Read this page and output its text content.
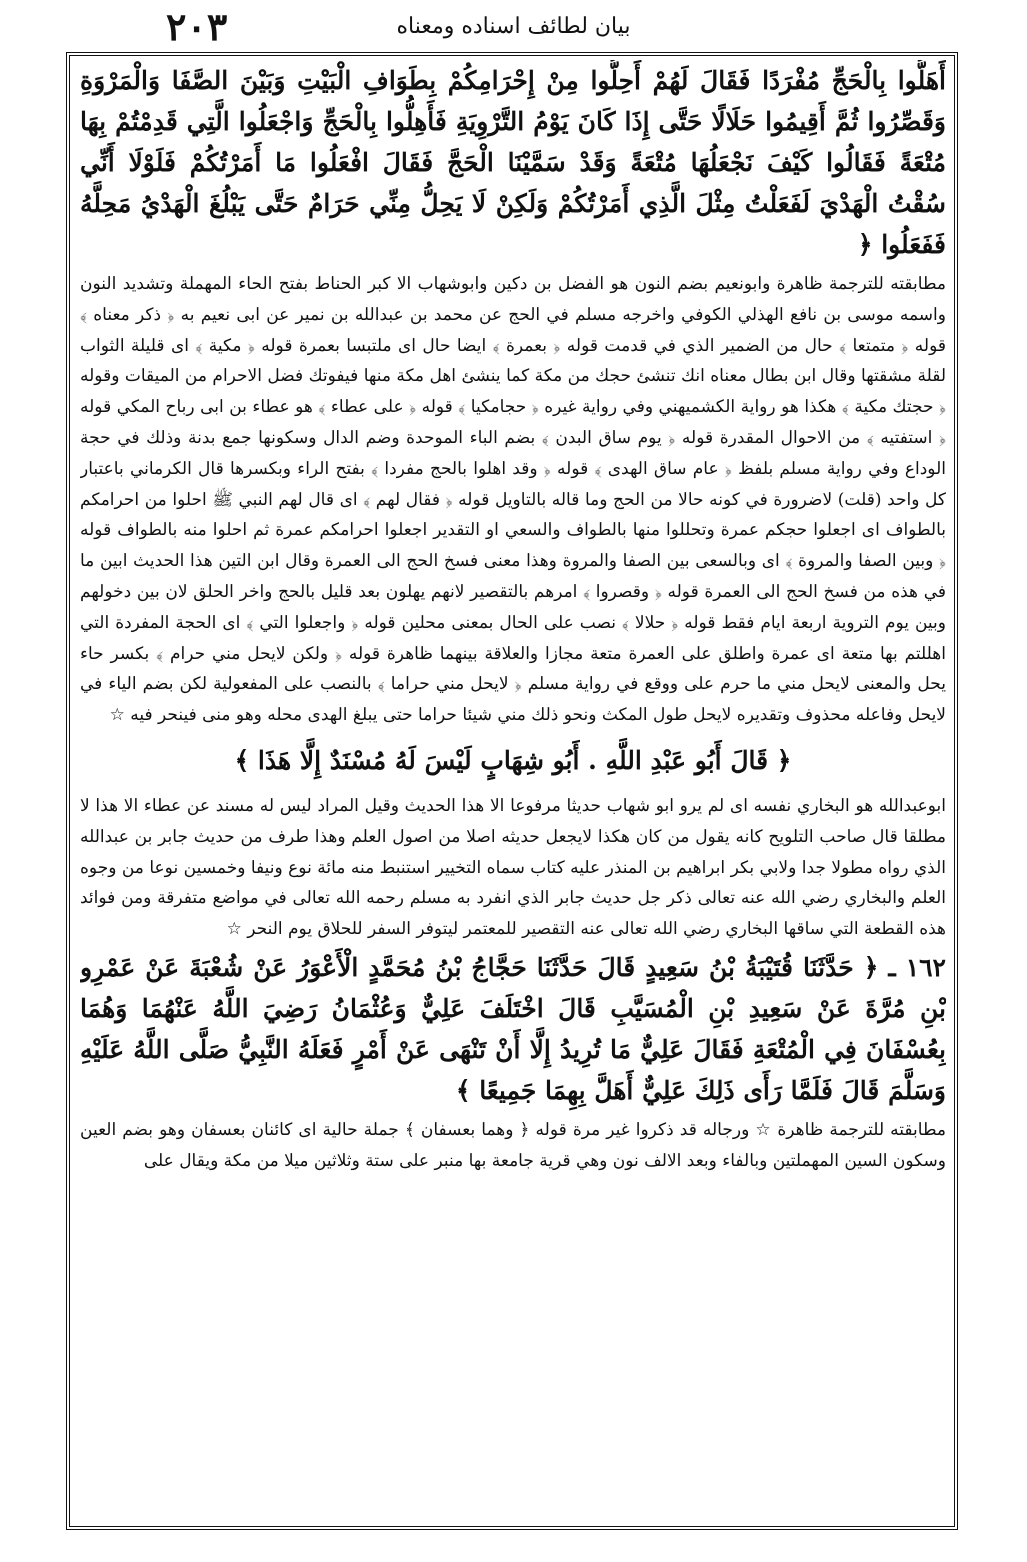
٢٠٣	بيان لطائف اسناده ومعناه

أَهَلُّوا بِالْحَجِّ مُفْرَدًا فَقَالَ لَهُمْ أَحِلُّوا مِنْ إِحْرَامِكُمْ بِطَوَافِ الْبَيْتِ وَبَيْنَ الصَّفَا وَالْمَرْوَةِ وَقَصِّرُوا ثُمَّ أَقِيمُوا حَلَالًا حَتَّى إِذَا كَانَ يَوْمُ التَّرْوِيَةِ فَأَهِلُّوا بِالْحَجِّ وَاجْعَلُوا الَّتِي قَدِمْتُمْ بِهَا مُتْعَةً فَقَالُوا كَيْفَ نَجْعَلُهَا مُتْعَةً وَقَدْ سَمَّيْنَا الْحَجَّ فَقَالَ افْعَلُوا مَا أَمَرْتُكُمْ فَلَوْلَا أَنِّي سُقْتُ الْهَدْيَ لَفَعَلْتُ مِثْلَ الَّذِي أَمَرْتُكُمْ وَلَكِنْ لَا يَحِلُّ مِنِّي حَرَامٌ حَتَّى يَبْلُغَ الْهَدْيُ مَحِلَّهُ فَفَعَلُوا ﴿

مطابقته للترجمة ظاهرة وابونعيم بضم النون هو الفضل بن دكين وابوشهاب الا كبر الحناط بفتح الحاء المهملة وتشديد النون واسمه موسى بن نافع الهذلي الكوفي واخرجه مسلم في الحج عن محمد بن عبدالله بن نمير عن ابى نعيم به ﴿ ذكر معناه ﴾ قوله ﴿ متمتعا ﴾ حال من الضمير الذي في قدمت قوله ﴿ بعمرة ﴾ ايضا حال اى ملتبسا بعمرة قوله ﴿ مكية ﴾ اى قليلة الثواب لقلة مشقتها وقال ابن بطال معناه انك تنشئ حجك من مكة كما ينشئ اهل مكة منها فيفوتك فضل الاحرام من الميقات وقوله ﴿ حجتك مكية ﴾ هكذا هو رواية الكشميهني وفي رواية غيره ﴿ حجامكيا ﴾ قوله ﴿ على عطاء ﴾ هو عطاء بن ابى رباح المكي قوله ﴿ استفتيه ﴾ من الاحوال المقدرة قوله ﴿ يوم ساق البدن ﴾ بضم الباء الموحدة وضم الدال وسكونها جمع بدنة وذلك في حجة الوداع وفي رواية مسلم بلفظ ﴿ عام ساق الهدى ﴾ قوله ﴿ وقد اهلوا بالحج مفردا ﴾ بفتح الراء وبكسرها قال الكرماني باعتبار كل واحد (قلت) لاضرورة في كونه حالا من الحج وما قاله بالتاويل قوله ﴿ فقال لهم ﴾ اى قال لهم النبي ﷺ احلوا من احرامكم بالطواف اى اجعلوا حجكم عمرة وتحللوا منها بالطواف والسعي او التقدير اجعلوا احرامكم عمرة ثم احلوا منه بالطواف قوله ﴿ وبين الصفا والمروة ﴾ اى وبالسعى بين الصفا والمروة وهذا معنى فسخ الحج الى العمرة وقال ابن التين هذا الحديث ابين ما في هذه من فسخ الحج الى العمرة قوله ﴿ وقصروا ﴾ امرهم بالتقصير لانهم يهلون بعد قليل بالحج واخر الحلق لان بين دخولهم وبين يوم التروية اربعة ايام فقط قوله ﴿ حلالا ﴾ نصب على الحال بمعنى محلين قوله ﴿ واجعلوا التي ﴾ اى الحجة المفردة التي اهللتم بها متعة اى عمرة واطلق على العمرة متعة مجازا والعلاقة بينهما ظاهرة قوله ﴿ ولكن لايحل مني حرام ﴾ بكسر حاء يحل والمعنى لايحل مني ما حرم على ووقع في رواية مسلم ﴿ لايحل مني حراما ﴾ بالنصب على المفعولية لكن بضم الياء في لايحل وفاعله محذوف وتقديره لايحل طول المكث ونحو ذلك مني شيئا حراما حتى يبلغ الهدى محله وهو منى فينحر فيه ☆

﴿ قَالَ أَبُو عَبْدِ اللَّهِ . أَبُو شِهَابٍ لَيْسَ لَهُ مُسْنَدٌ إِلَّا هَذَا ﴾

ابوعبدالله هو البخاري نفسه اى لم يرو ابو شهاب حديثا مرفوعا الا هذا الحديث وقيل المراد ليس له مسند عن عطاء الا هذا لا مطلقا قال صاحب التلويح كانه يقول من كان هكذا لايجعل حديثه اصلا من اصول العلم وهذا طرف من حديث جابر بن عبدالله الذي رواه مطولا جدا ولابي بكر ابراهيم بن المنذر عليه كتاب سماه التخيير استنبط منه مائة نوع ونيفا وخمسين نوعا من وجوه العلم والبخاري رضي الله عنه تعالى ذكر جل حديث جابر الذي انفرد به مسلم رحمه الله تعالى في مواضع متفرقة ومن فوائد هذه القطعة التي ساقها البخاري رضي الله تعالى عنه التقصير للمعتمر ليتوفر السفر للحلاق يوم النحر ☆

١٦٢ ـ ﴿ حَدَّثَنَا قُتَيْبَةُ بْنُ سَعِيدٍ قَالَ حَدَّثَنَا حَجَّاجُ بْنُ مُحَمَّدٍ الْأَعْوَرُ عَنْ شُعْبَةَ عَنْ عَمْرِو بْنِ مُرَّةَ عَنْ سَعِيدِ بْنِ الْمُسَيَّبِ قَالَ اخْتَلَفَ عَلِيٌّ وَعُثْمَانُ رَضِيَ اللَّهُ عَنْهُمَا وَهُمَا بِعُسْفَانَ فِي الْمُتْعَةِ فَقَالَ عَلِيٌّ مَا تُرِيدُ إِلَّا أَنْ تَنْهَى عَنْ أَمْرٍ فَعَلَهُ النَّبِيُّ صَلَّى اللَّهُ عَلَيْهِ وَسَلَّمَ قَالَ فَلَمَّا رَأَى ذَلِكَ عَلِيٌّ أَهَلَّ بِهِمَا جَمِيعًا ﴾

مطابقته للترجمة ظاهرة ☆ ورجاله قد ذكروا غير مرة قوله ﴿ وهما بعسفان ﴾ جملة حالية اى كائنان بعسفان وهو بضم العين وسكون السين المهملتين وبالفاء وبعد الالف نون وهي قرية جامعة بها منبر على ستة وثلاثين ميلا من مكة ويقال على
